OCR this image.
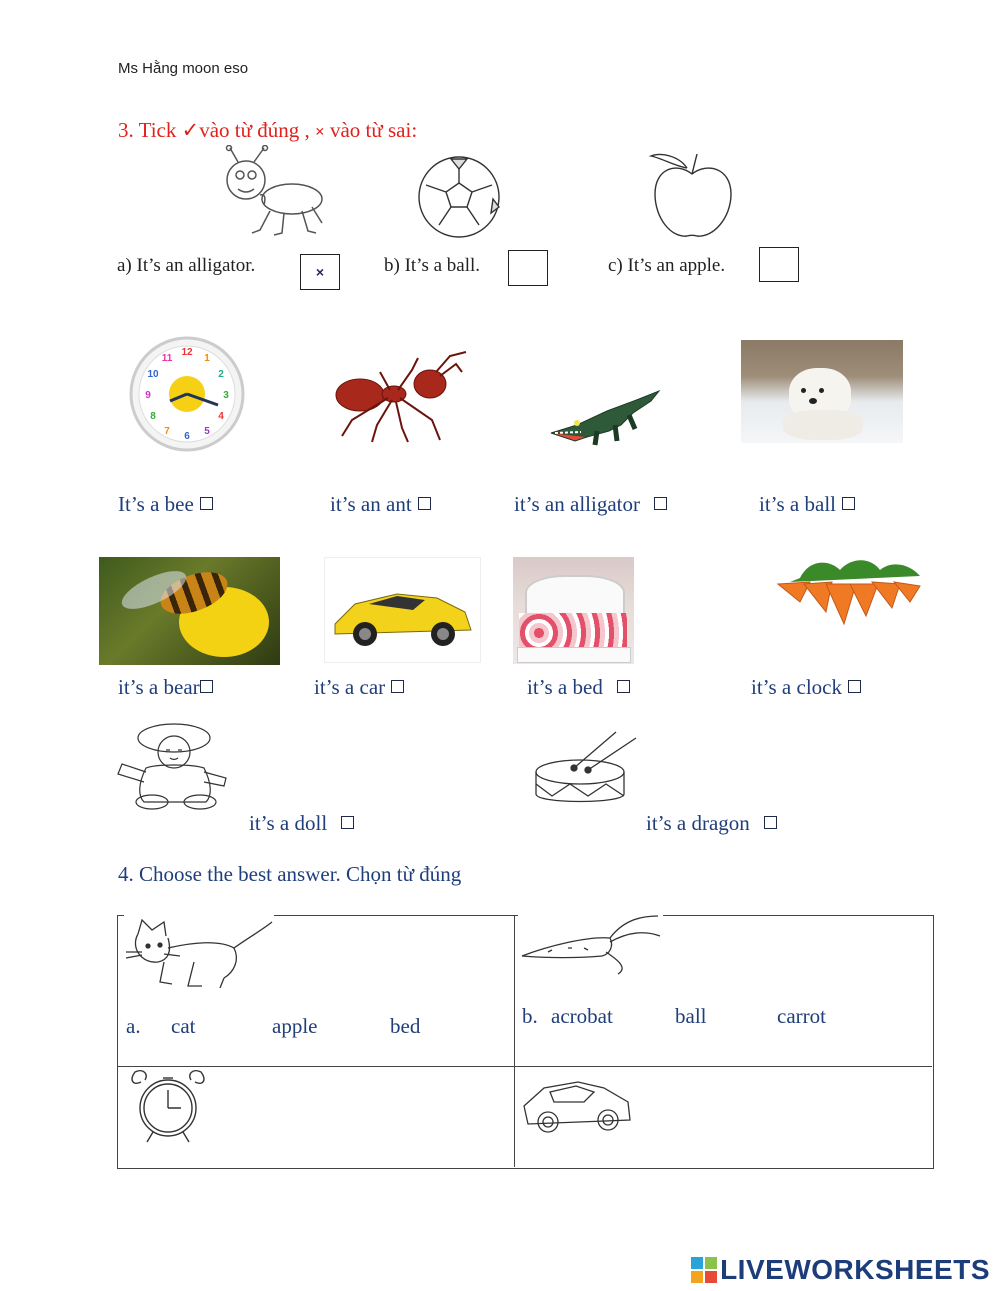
Ms Hằng moon eso
3. Tick ✓vào từ đúng , × vào từ sai:
a) It’s an alligator.	×	b) It’s a ball.	c) It’s an apple.
12
3
6
9
1
2
4
5
7
8
10
11
It’s a bee	it’s an ant	it’s an alligator	it’s a ball
it’s a bear	it’s a car	it’s a bed	it’s a clock
it’s a doll	it’s a dragon
4. Choose the best answer. Chọn từ đúng
a. cat	apple	bed	b. acrobat	ball	carrot
LIVEWORKSHEETS
